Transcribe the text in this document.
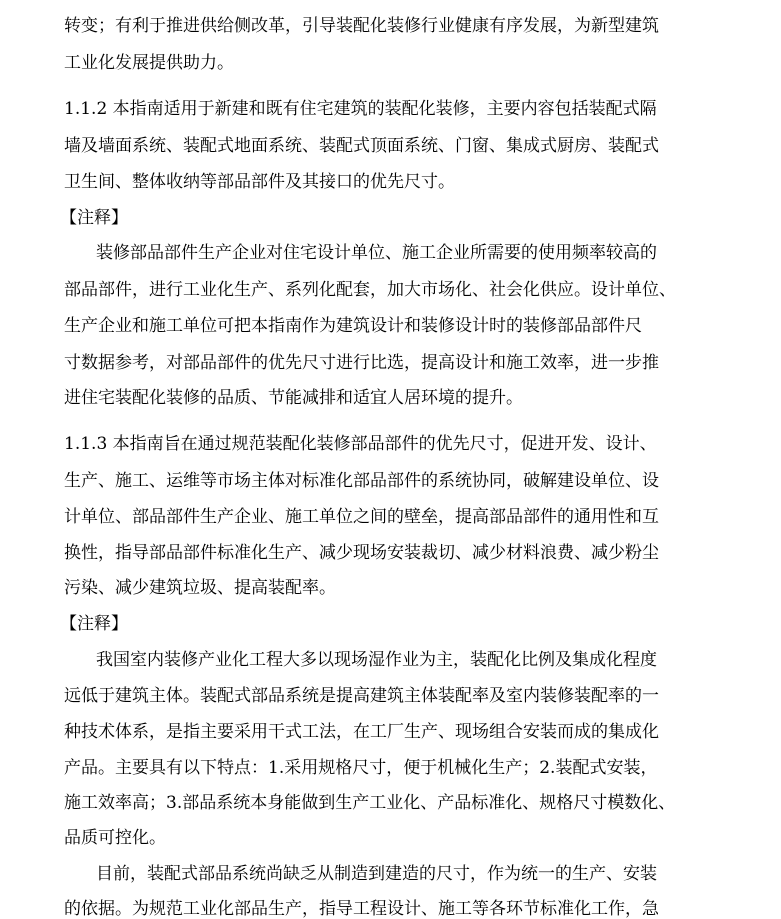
转变；有利于推进供给侧改革，引导装配化装修行业健康有序发展，为新型建筑
工业化发展提供助力。
1.1.2 本指南适用于新建和既有住宅建筑的装配化装修，主要内容包括装配式隔
墙及墙面系统、装配式地面系统、装配式顶面系统、门窗、集成式厨房、装配式
卫生间、整体收纳等部品部件及其接口的优先尺寸。
【注释】
装修部品部件生产企业对住宅设计单位、施工企业所需要的使用频率较高的
部品部件，进行工业化生产、系列化配套，加大市场化、社会化供应。设计单位、
生产企业和施工单位可把本指南作为建筑设计和装修设计时的装修部品部件尺
寸数据参考，对部品部件的优先尺寸进行比选，提高设计和施工效率，进一步推
进住宅装配化装修的品质、节能减排和适宜人居环境的提升。
1.1.3 本指南旨在通过规范装配化装修部品部件的优先尺寸，促进开发、设计、
生产、施工、运维等市场主体对标准化部品部件的系统协同，破解建设单位、设
计单位、部品部件生产企业、施工单位之间的壁垒，提高部品部件的通用性和互
换性，指导部品部件标准化生产、减少现场安装裁切、减少材料浪费、减少粉尘
污染、减少建筑垃圾、提高装配率。
【注释】
我国室内装修产业化工程大多以现场湿作业为主，装配化比例及集成化程度
远低于建筑主体。装配式部品系统是提高建筑主体装配率及室内装修装配率的一
种技术体系，是指主要采用干式工法，在工厂生产、现场组合安装而成的集成化
产品。主要具有以下特点：1.采用规格尺寸，便于机械化生产；2.装配式安装，
施工效率高；3.部品系统本身能做到生产工业化、产品标准化、规格尺寸模数化、
品质可控化。
目前，装配式部品系统尚缺乏从制造到建造的尺寸，作为统一的生产、安装
的依据。为规范工业化部品生产，指导工程设计、施工等各环节标准化工作，急
